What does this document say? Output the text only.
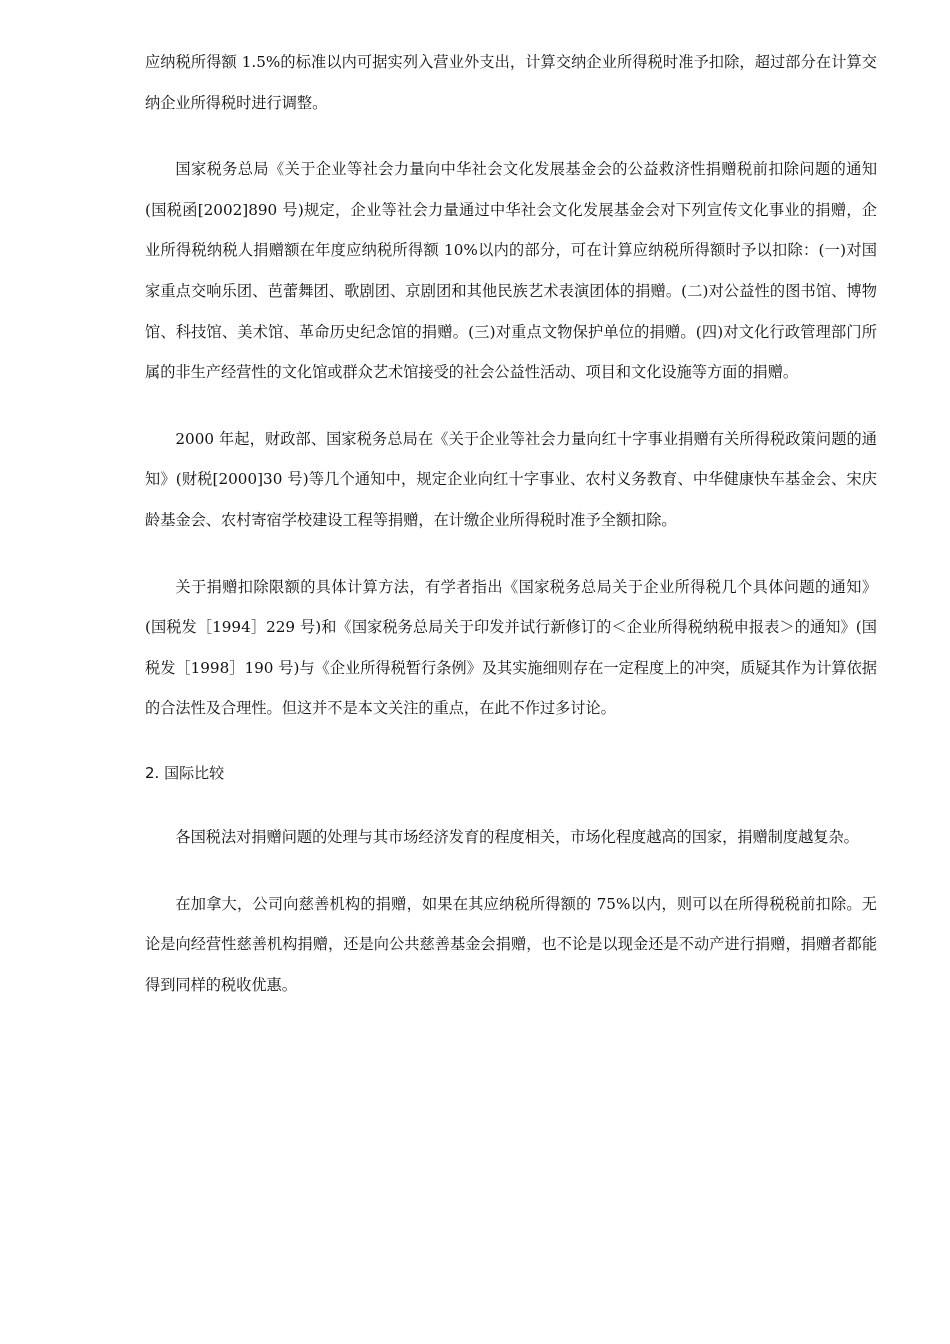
应纳税所得额 1.5%的标准以内可据实列入营业外支出，计算交纳企业所得税时准予扣除，超过部分在计算交纳企业所得税时进行调整。

国家税务总局《关于企业等社会力量向中华社会文化发展基金会的公益救济性捐赠税前扣除问题的通知　(国税函[2002]890 号)规定，企业等社会力量通过中华社会文化发展基金会对下列宣传文化事业的捐赠，企业所得税纳税人捐赠额在年度应纳税所得额 10%以内的部分，可在计算应纳税所得额时予以扣除：(一)对国家重点交响乐团、芭蕾舞团、歌剧团、京剧团和其他民族艺术表演团体的捐赠。(二)对公益性的图书馆、博物馆、科技馆、美术馆、革命历史纪念馆的捐赠。(三)对重点文物保护单位的捐赠。(四)对文化行政管理部门所属的非生产经营性的文化馆或群众艺术馆接受的社会公益性活动、项目和文化设施等方面的捐赠。

2000 年起，财政部、国家税务总局在《关于企业等社会力量向红十字事业捐赠有关所得税政策问题的通知》(财税[2000]30 号)等几个通知中，规定企业向红十字事业、农村义务教育、中华健康快车基金会、宋庆龄基金会、农村寄宿学校建设工程等捐赠，在计缴企业所得税时准予全额扣除。

关于捐赠扣除限额的具体计算方法，有学者指出《国家税务总局关于企业所得税几个具体问题的通知》(国税发［1994］229 号)和《国家税务总局关于印发并试行新修订的＜企业所得税纳税申报表＞的通知》(国税发［1998］190 号)与《企业所得税暂行条例》及其实施细则存在一定程度上的冲突，质疑其作为计算依据的合法性及合理性。但这并不是本文关注的重点，在此不作过多讨论。

2. 国际比较

各国税法对捐赠问题的处理与其市场经济发育的程度相关，市场化程度越高的国家，捐赠制度越复杂。

在加拿大，公司向慈善机构的捐赠，如果在其应纳税所得额的 75%以内，则可以在所得税税前扣除。无论是向经营性慈善机构捐赠，还是向公共慈善基金会捐赠，也不论是以现金还是不动产进行捐赠，捐赠者都能得到同样的税收优惠。
